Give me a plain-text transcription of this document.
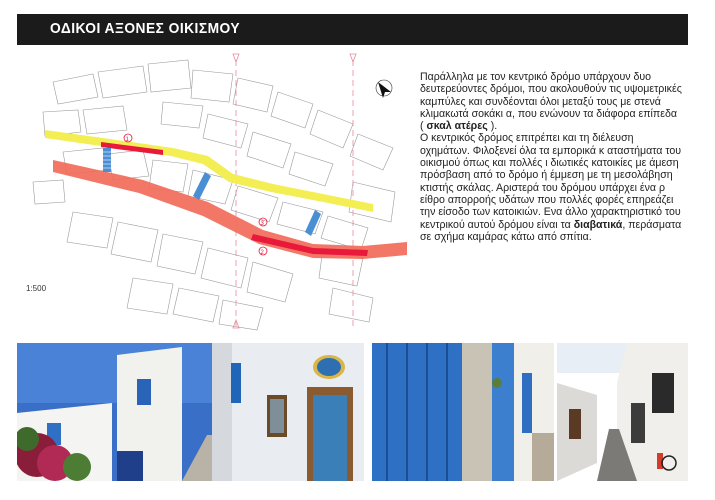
ΟΔΙΚΟΙ ΑΞΟΝΕΣ ΟΙΚΙΣΜΟΥ
1
2
3
1:500
Παράλληλα με τον κεντρικό δρόμο υπάρχουν δυο δευτερεύοντες δρόμοι, που ακολουθούν τις υψομετρικές καμπύλες και συνδέονται όλοι μεταξύ τους με στενά κλιμακωτά σοκάκι α, που ενώνουν τα διάφορα επίπεδα ( σκαλ ατέρες ).
Ο κεντρικός δρόμος επιτρέπει και τη διέλευση οχημάτων. Φιλοξενεί όλα τα εμπορικά κ αταστήματα του οικισμού όπως και πολλές ι διωτικές κατοικίες με άμεση πρόσβαση από το δρόμο ή έμμεση με τη μεσολάβηση κτιστής σκάλας. Αριστερά του δρόμου υπάρχει ένα ρ είθρο απορροής υδάτων που πολλές φορές επηρεάζει την είσοδο των κατοικιών. Ενα άλλο χαρακτηριστικό του κεντρικού αυτού δρόμου είναι τα διαβατικά, περάσματα σε σχήμα καμάρας κάτω από σπίτια.
